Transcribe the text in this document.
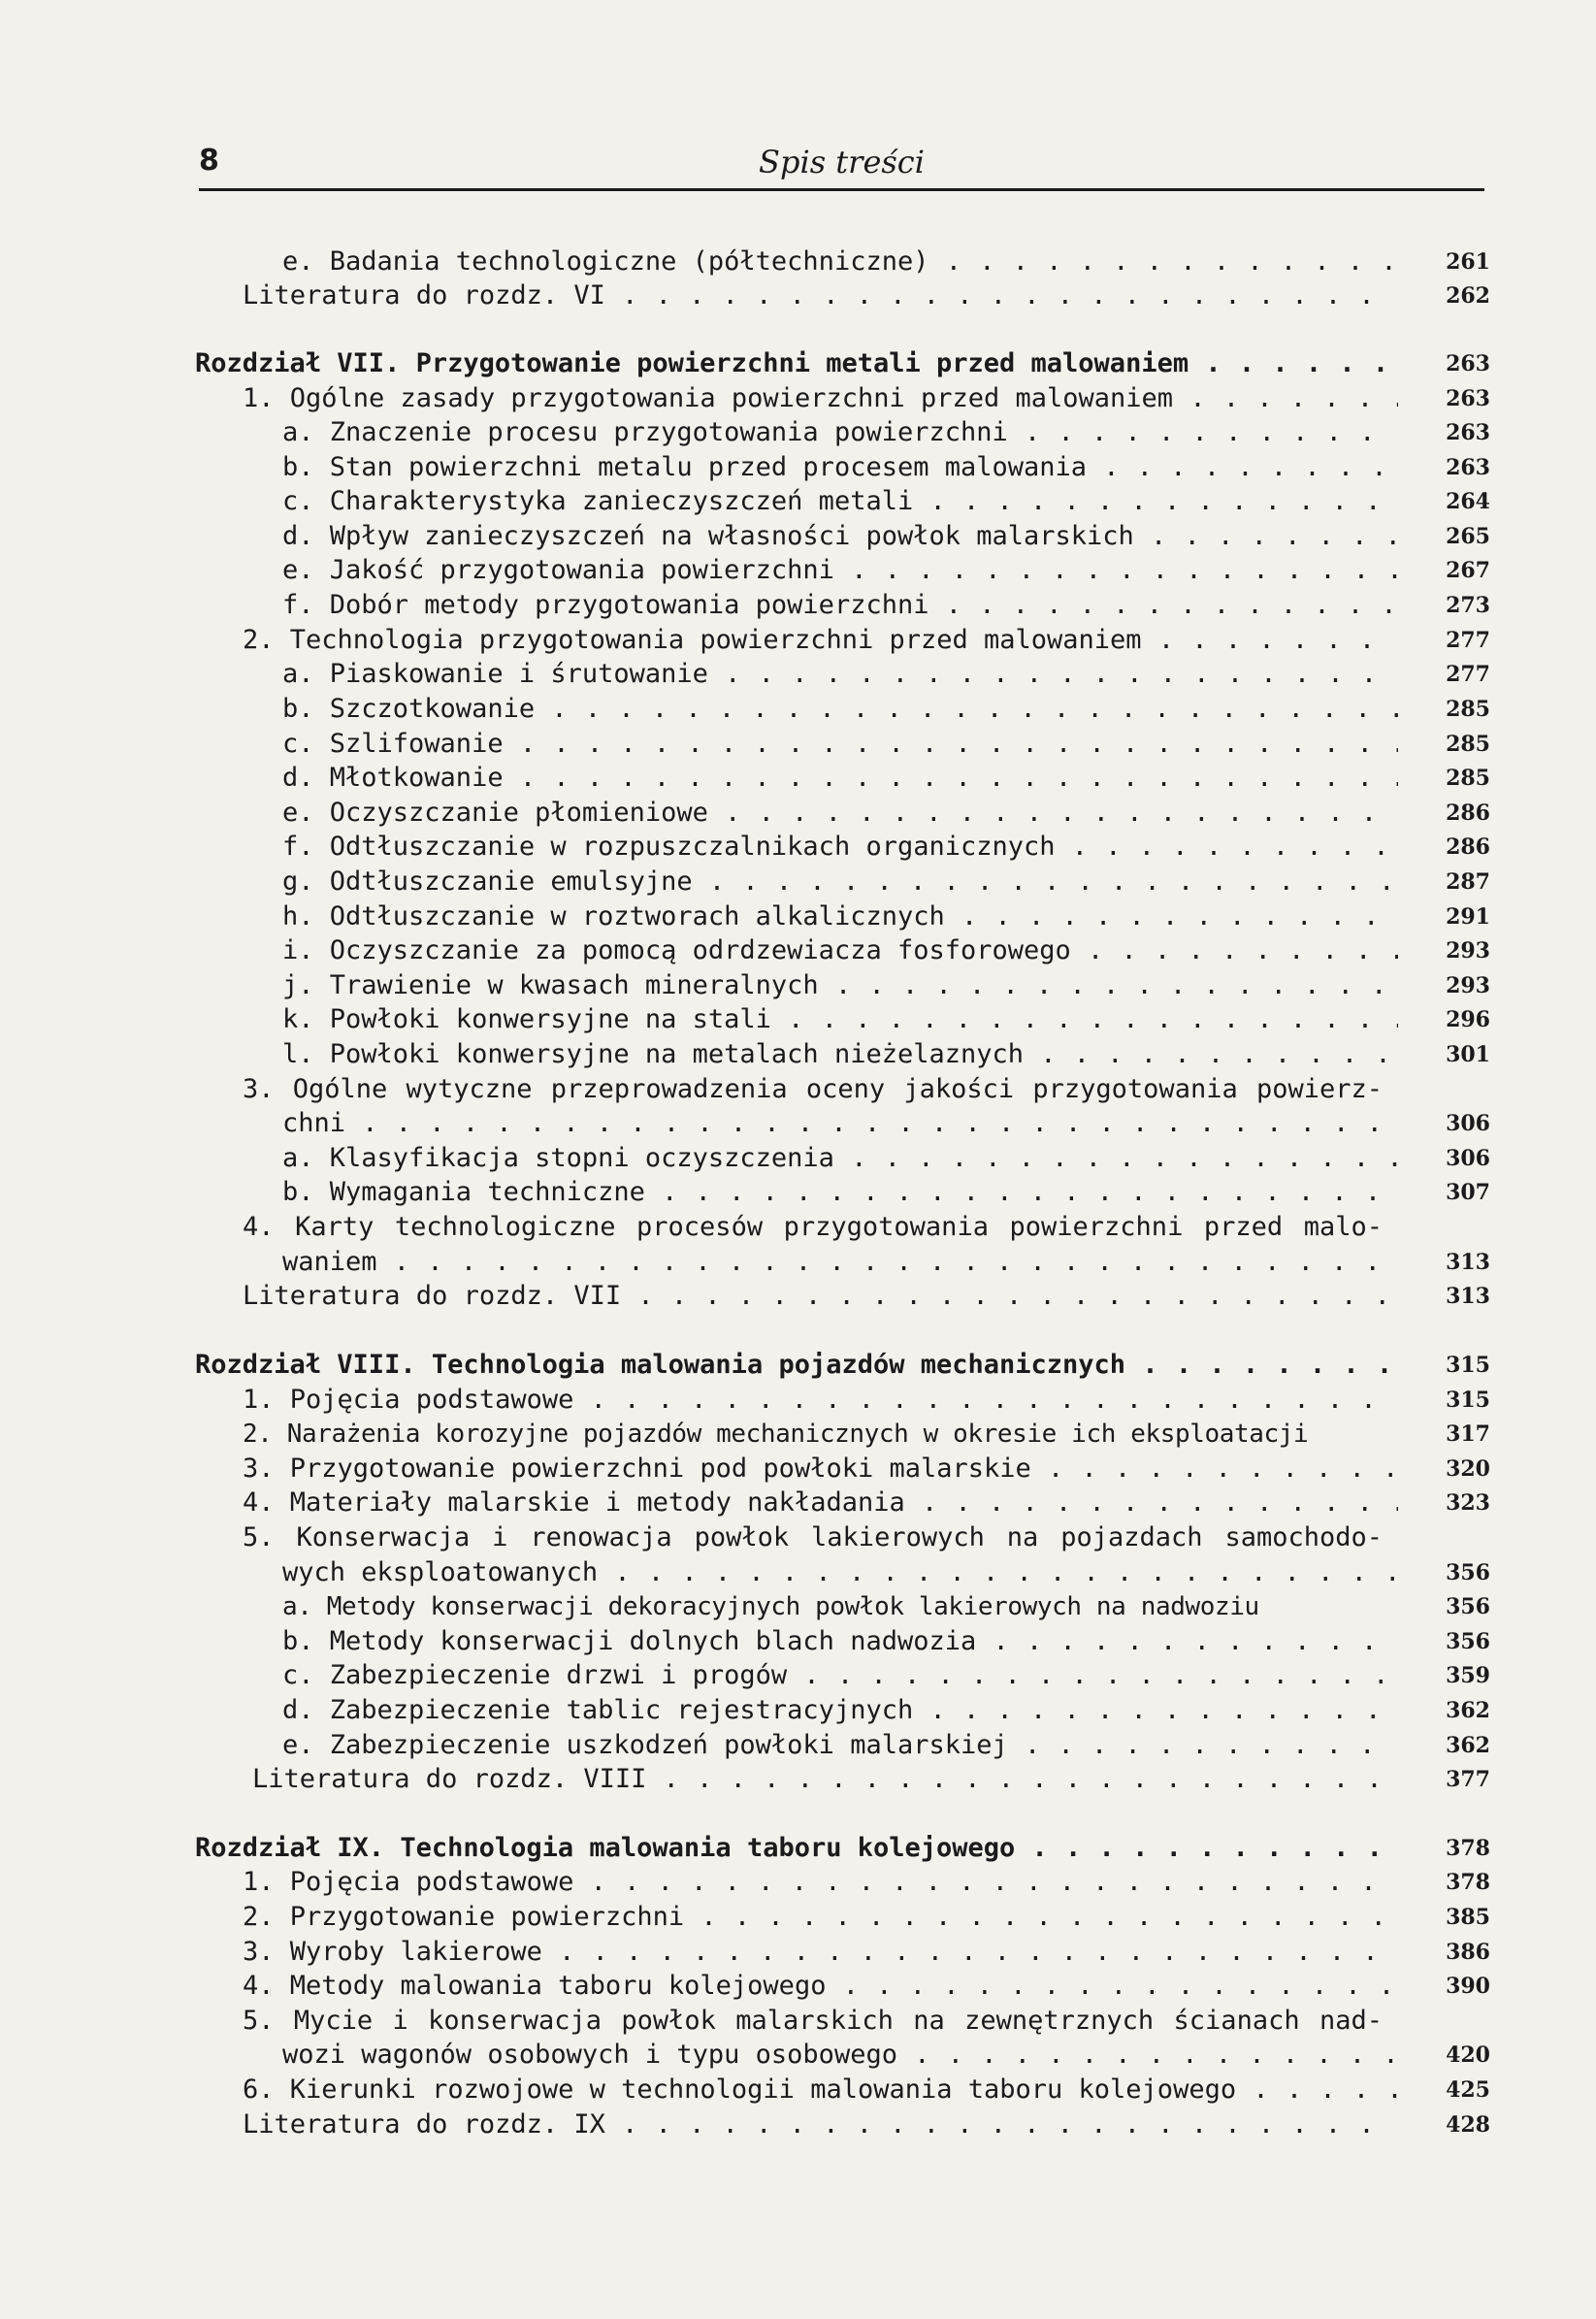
8	Spis treści
e. Badania technologiczne (półtechniczne) . .	261
Literatura do rozdz. VI . .	262
Rozdział VII. Przygotowanie powierzchni metali przed malowaniem . .	263
1. Ogólne zasady przygotowania powierzchni przed malowaniem . .	263
a. Znaczenie procesu przygotowania powierzchni . .	263
b. Stan powierzchni metalu przed procesem malowania . .	263
c. Charakterystyka zanieczyszczeń metali . .	264
d. Wpływ zanieczyszczeń na własności powłok malarskich . .	265
e. Jakość przygotowania powierzchni . .	267
f. Dobór metody przygotowania powierzchni . .	273
2. Technologia przygotowania powierzchni przed malowaniem . .	277
a. Piaskowanie i śrutowanie . .	277
b. Szczotkowanie . .	285
c. Szlifowanie . .	285
d. Młotkowanie . .	285
e. Oczyszczanie płomieniowe . .	286
f. Odtłuszczanie w rozpuszczalnikach organicznych . .	286
g. Odtłuszczanie emulsyjne . .	287
h. Odtłuszczanie w roztworach alkalicznych . .	291
i. Oczyszczanie za pomocą odrdzewiacza fosforowego . .	293
j. Trawienie w kwasach mineralnych . .	293
k. Powłoki konwersyjne na stali . .	296
l. Powłoki konwersyjne na metalach nieżelaznych . .	301
3. Ogólne wytyczne przeprowadzenia oceny jakości przygotowania powierz-
chni . .	306
a. Klasyfikacja stopni oczyszczenia . .	306
b. Wymagania techniczne . .	307
4. Karty technologiczne procesów przygotowania powierzchni przed malo-
waniem . .	313
Literatura do rozdz. VII . .	313
Rozdział VIII. Technologia malowania pojazdów mechanicznych . .	315
1. Pojęcia podstawowe . .	315
2. Narażenia korozyjne pojazdów mechanicznych w okresie ich eksploatacji	317
3. Przygotowanie powierzchni pod powłoki malarskie . .	320
4. Materiały malarskie i metody nakładania . .	323
5. Konserwacja i renowacja powłok lakierowych na pojazdach samochodo-
wych eksploatowanych . .	356
a. Metody konserwacji dekoracyjnych powłok lakierowych na nadwoziu	356
b. Metody konserwacji dolnych blach nadwozia . .	356
c. Zabezpieczenie drzwi i progów . .	359
d. Zabezpieczenie tablic rejestracyjnych . .	362
e. Zabezpieczenie uszkodzeń powłoki malarskiej . .	362
Literatura do rozdz. VIII . .	377
Rozdział IX. Technologia malowania taboru kolejowego . .	378
1. Pojęcia podstawowe . .	378
2. Przygotowanie powierzchni . .	385
3. Wyroby lakierowe . .	386
4. Metody malowania taboru kolejowego . .	390
5. Mycie i konserwacja powłok malarskich na zewnętrznych ścianach nad-
wozi wagonów osobowych i typu osobowego . .	420
6. Kierunki rozwojowe w technologii malowania taboru kolejowego . .	425
Literatura do rozdz. IX . .	428
